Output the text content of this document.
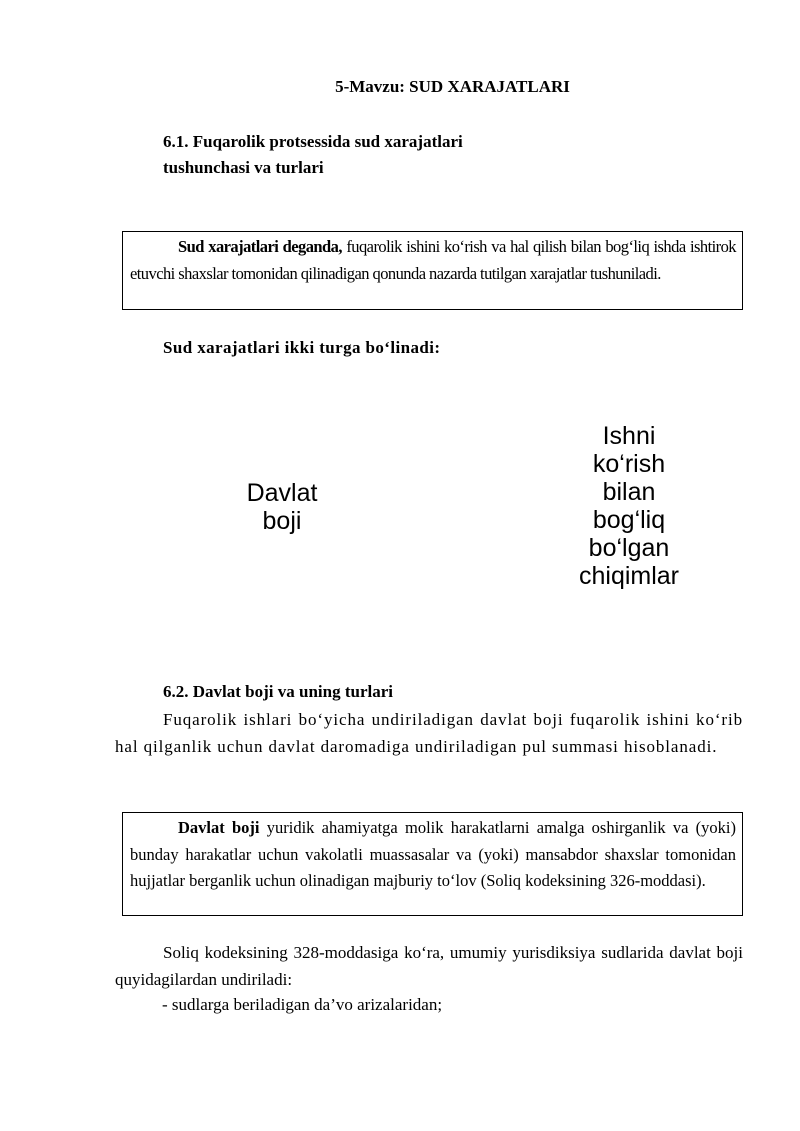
5-Mavzu: SUD XARAJATLARI
6.1. Fuqarolik protsessida sud xarajatlari
tushunchasi va turlari
Sud xarajatlari deganda, fuqarolik ishini ko‘rish va hal qilish bilan bog‘liq ishda ishtirok etuvchi shaxslar tomonidan qilinadigan qonunda nazarda tutilgan xarajatlar tushuniladi.
Sud xarajatlari ikki turga bo‘linadi:
Davlat
boji
Ishni
ko‘rish
bilan
bog‘liq
bo‘lgan
chiqimlar
6.2. Davlat boji va uning turlari
Fuqarolik ishlari bo‘yicha undiriladigan davlat boji fuqarolik ishini ko‘rib hal qilganlik uchun davlat daromadiga undiriladigan pul summasi hisoblanadi.
Davlat boji yuridik ahamiyatga molik harakatlarni amalga oshirganlik va (yoki) bunday harakatlar uchun vakolatli muassasalar va (yoki) mansabdor shaxslar tomonidan hujjatlar berganlik uchun olinadigan majburiy to‘lov (Soliq kodeksining 326-moddasi).
Soliq kodeksining 328-moddasiga ko‘ra, umumiy yurisdiksiya sudlarida davlat boji quyidagilardan undiriladi:
- sudlarga beriladigan da’vo arizalaridan;
